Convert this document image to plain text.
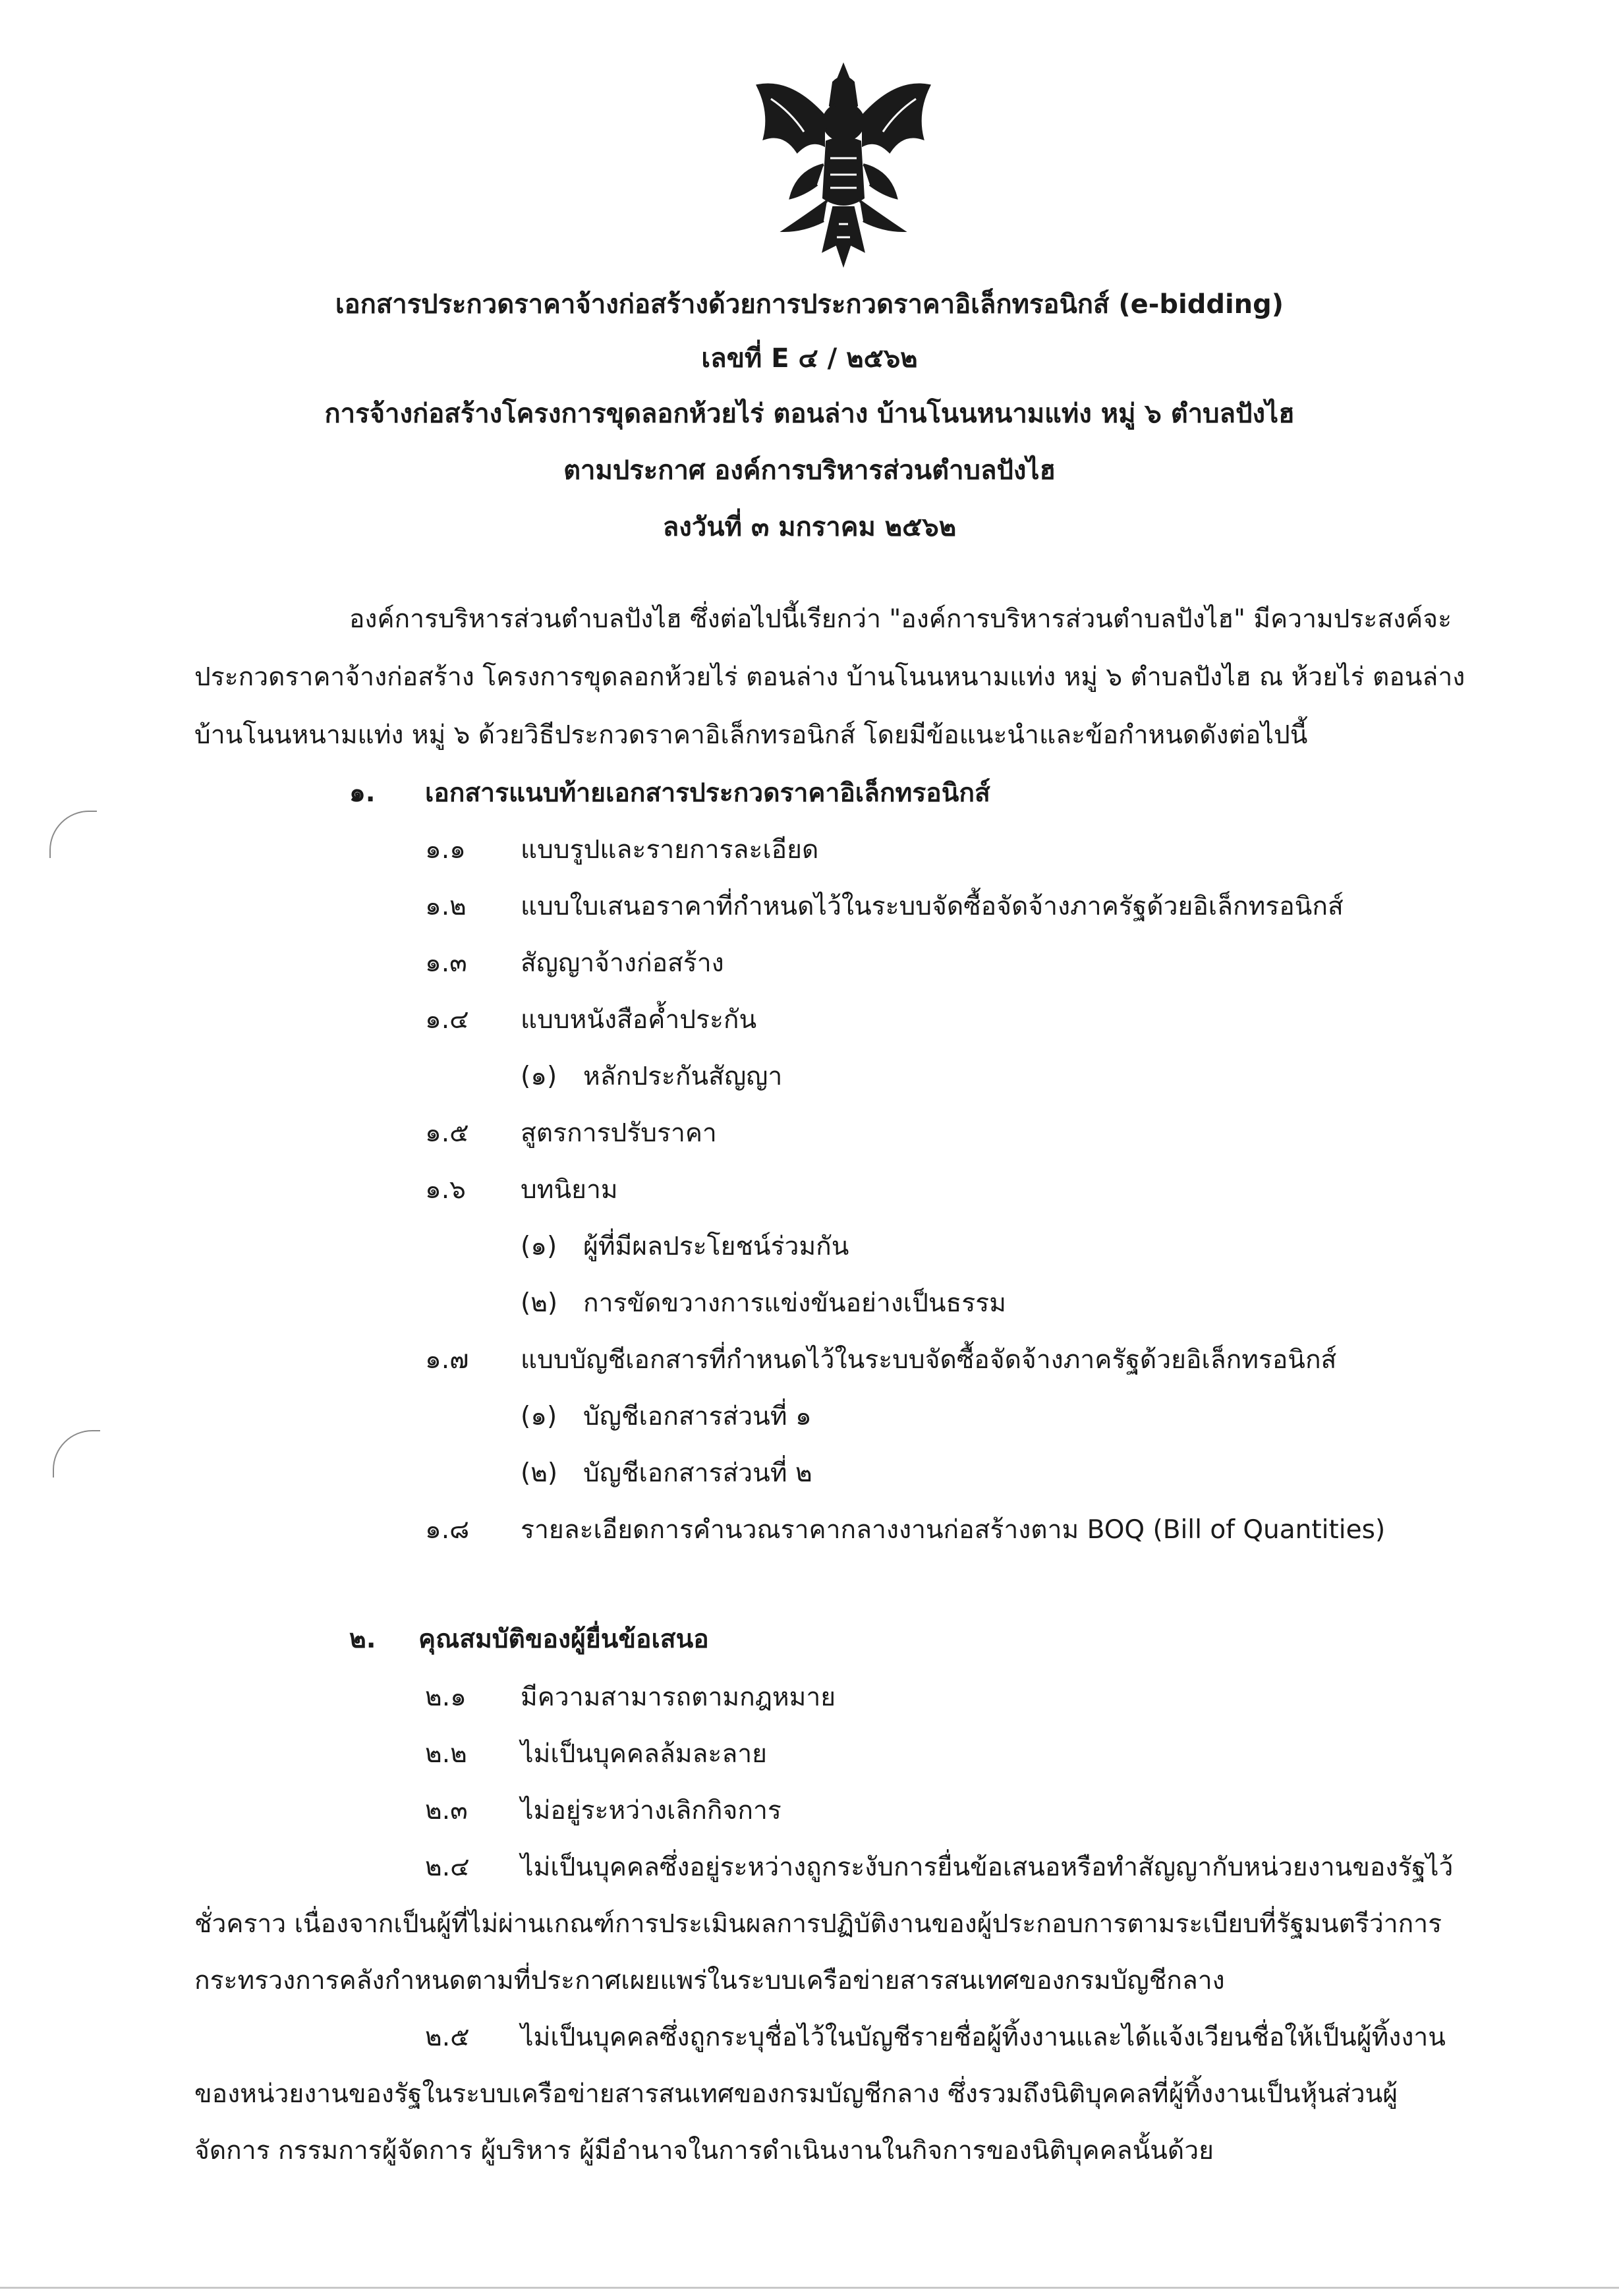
เอกสารประกวดราคาจ้างก่อสร้างด้วยการประกวดราคาอิเล็กทรอนิกส์ (e-bidding)
เลขที่ E ๔ / ๒๕๖๒
การจ้างก่อสร้างโครงการขุดลอกห้วยไร่ ตอนล่าง บ้านโนนหนามแท่ง หมู่ ๖ ตำบลปังไฮ
ตามประกาศ องค์การบริหารส่วนตำบลปังไฮ
ลงวันที่ ๓ มกราคม ๒๕๖๒
องค์การบริหารส่วนตำบลปังไฮ ซึ่งต่อไปนี้เรียกว่า "องค์การบริหารส่วนตำบลปังไฮ" มีความประสงค์จะ
ประกวดราคาจ้างก่อสร้าง โครงการขุดลอกห้วยไร่ ตอนล่าง บ้านโนนหนามแท่ง หมู่ ๖ ตำบลปังไฮ ณ ห้วยไร่ ตอนล่าง
บ้านโนนหนามแท่ง หมู่ ๖ ด้วยวิธีประกวดราคาอิเล็กทรอนิกส์ โดยมีข้อแนะนำและข้อกำหนดดังต่อไปนี้
๑. เอกสารแนบท้ายเอกสารประกวดราคาอิเล็กทรอนิกส์
๑.๑ แบบรูปและรายการละเอียด
๑.๒ แบบใบเสนอราคาที่กำหนดไว้ในระบบจัดซื้อจัดจ้างภาครัฐด้วยอิเล็กทรอนิกส์
๑.๓ สัญญาจ้างก่อสร้าง
๑.๔ แบบหนังสือค้ำประกัน
(๑) หลักประกันสัญญา
๑.๕ สูตรการปรับราคา
๑.๖ บทนิยาม
(๑) ผู้ที่มีผลประโยชน์ร่วมกัน
(๒) การขัดขวางการแข่งขันอย่างเป็นธรรม
๑.๗ แบบบัญชีเอกสารที่กำหนดไว้ในระบบจัดซื้อจัดจ้างภาครัฐด้วยอิเล็กทรอนิกส์
(๑) บัญชีเอกสารส่วนที่ ๑
(๒) บัญชีเอกสารส่วนที่ ๒
๑.๘ รายละเอียดการคำนวณราคากลางงานก่อสร้างตาม BOQ (Bill of Quantities)
๒. คุณสมบัติของผู้ยื่นข้อเสนอ
๒.๑ มีความสามารถตามกฎหมาย
๒.๒ ไม่เป็นบุคคลล้มละลาย
๒.๓ ไม่อยู่ระหว่างเลิกกิจการ
๒.๔ ไม่เป็นบุคคลซึ่งอยู่ระหว่างถูกระงับการยื่นข้อเสนอหรือทำสัญญากับหน่วยงานของรัฐไว้
ชั่วคราว เนื่องจากเป็นผู้ที่ไม่ผ่านเกณฑ์การประเมินผลการปฏิบัติงานของผู้ประกอบการตามระเบียบที่รัฐมนตรีว่าการ
กระทรวงการคลังกำหนดตามที่ประกาศเผยแพร่ในระบบเครือข่ายสารสนเทศของกรมบัญชีกลาง
๒.๕ ไม่เป็นบุคคลซึ่งถูกระบุชื่อไว้ในบัญชีรายชื่อผู้ทิ้งงานและได้แจ้งเวียนชื่อให้เป็นผู้ทิ้งงาน
ของหน่วยงานของรัฐในระบบเครือข่ายสารสนเทศของกรมบัญชีกลาง ซึ่งรวมถึงนิติบุคคลที่ผู้ทิ้งงานเป็นหุ้นส่วนผู้
จัดการ กรรมการผู้จัดการ ผู้บริหาร ผู้มีอำนาจในการดำเนินงานในกิจการของนิติบุคคลนั้นด้วย
